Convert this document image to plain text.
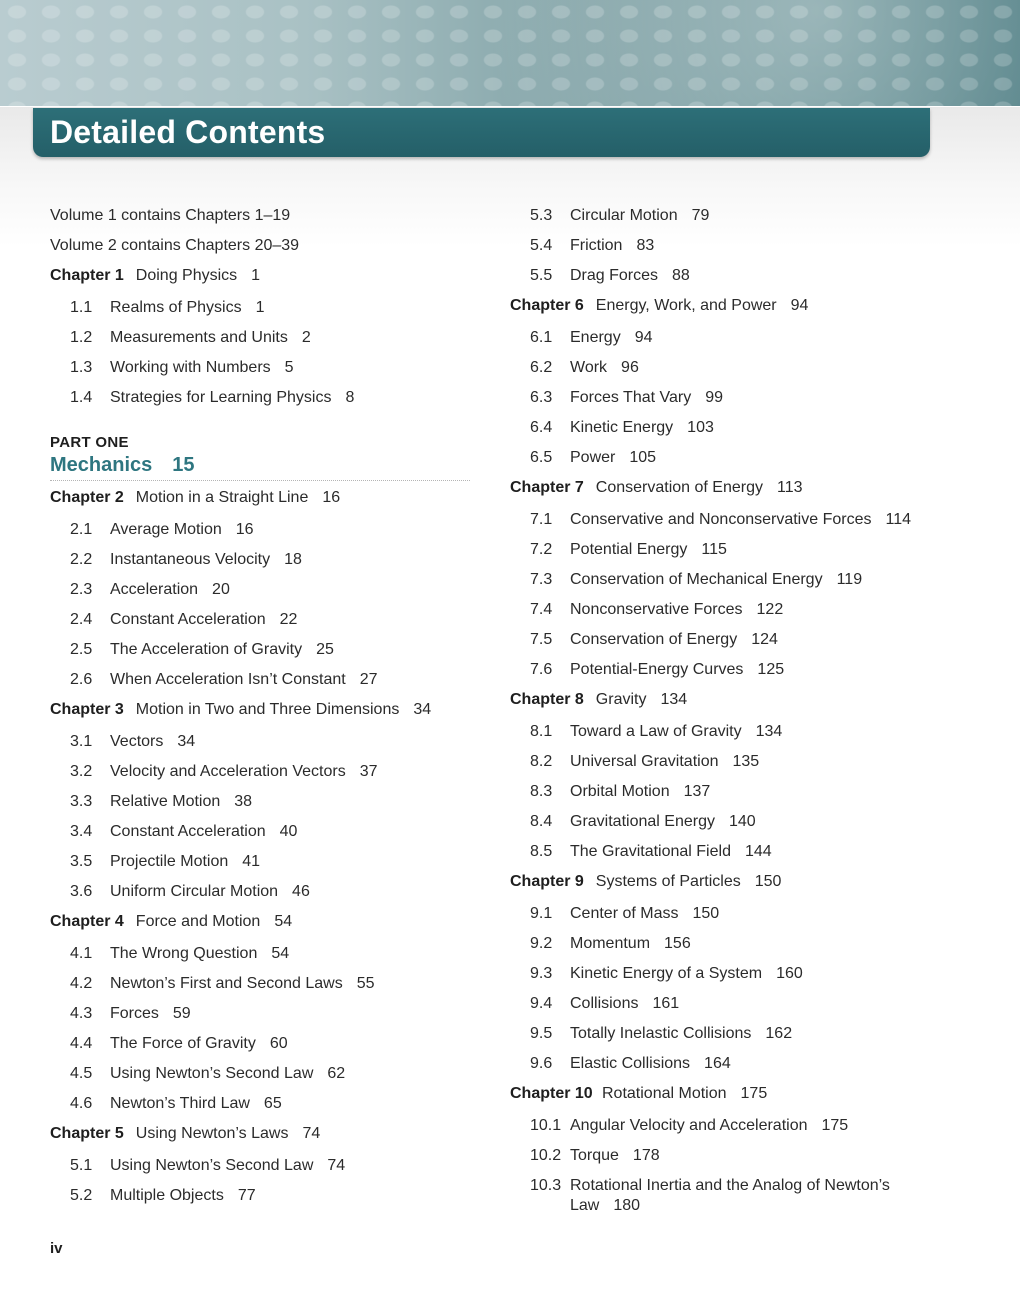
Detailed Contents
Volume 1 contains Chapters 1–19
Volume 2 contains Chapters 20–39
Chapter 1 Doing Physics 1
1.1 Realms of Physics 1
1.2 Measurements and Units 2
1.3 Working with Numbers 5
1.4 Strategies for Learning Physics 8
PART ONE
Mechanics 15
Chapter 2 Motion in a Straight Line 16
2.1 Average Motion 16
2.2 Instantaneous Velocity 18
2.3 Acceleration 20
2.4 Constant Acceleration 22
2.5 The Acceleration of Gravity 25
2.6 When Acceleration Isn’t Constant 27
Chapter 3 Motion in Two and Three Dimensions 34
3.1 Vectors 34
3.2 Velocity and Acceleration Vectors 37
3.3 Relative Motion 38
3.4 Constant Acceleration 40
3.5 Projectile Motion 41
3.6 Uniform Circular Motion 46
Chapter 4 Force and Motion 54
4.1 The Wrong Question 54
4.2 Newton’s First and Second Laws 55
4.3 Forces 59
4.4 The Force of Gravity 60
4.5 Using Newton’s Second Law 62
4.6 Newton’s Third Law 65
Chapter 5 Using Newton’s Laws 74
5.1 Using Newton’s Second Law 74
5.2 Multiple Objects 77
5.3 Circular Motion 79
5.4 Friction 83
5.5 Drag Forces 88
Chapter 6 Energy, Work, and Power 94
6.1 Energy 94
6.2 Work 96
6.3 Forces That Vary 99
6.4 Kinetic Energy 103
6.5 Power 105
Chapter 7 Conservation of Energy 113
7.1 Conservative and Nonconservative Forces 114
7.2 Potential Energy 115
7.3 Conservation of Mechanical Energy 119
7.4 Nonconservative Forces 122
7.5 Conservation of Energy 124
7.6 Potential-Energy Curves 125
Chapter 8 Gravity 134
8.1 Toward a Law of Gravity 134
8.2 Universal Gravitation 135
8.3 Orbital Motion 137
8.4 Gravitational Energy 140
8.5 The Gravitational Field 144
Chapter 9 Systems of Particles 150
9.1 Center of Mass 150
9.2 Momentum 156
9.3 Kinetic Energy of a System 160
9.4 Collisions 161
9.5 Totally Inelastic Collisions 162
9.6 Elastic Collisions 164
Chapter 10 Rotational Motion 175
10.1 Angular Velocity and Acceleration 175
10.2 Torque 178
10.3 Rotational Inertia and the Analog of Newton’s Law 180
iv
